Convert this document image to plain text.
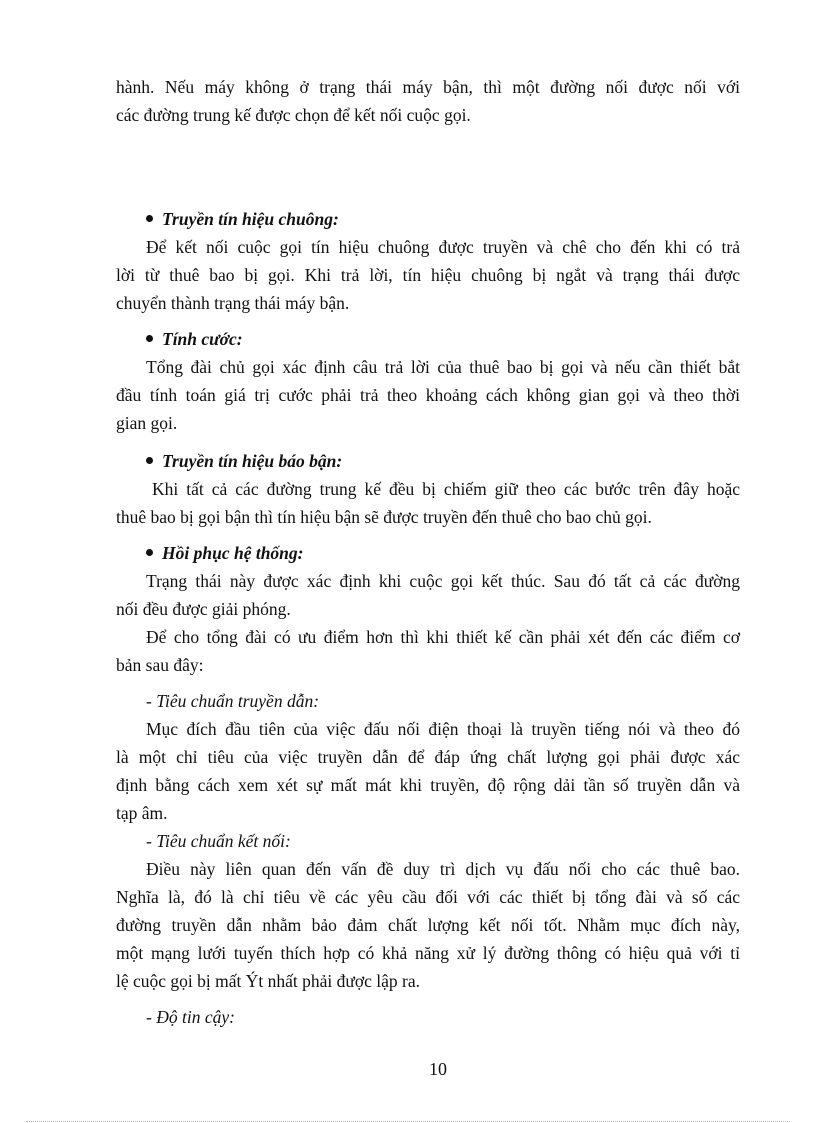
hành. Nếu máy không ở trạng thái máy bận, thì một đường nối được nối với
các đường trung kế được chọn để kết nối cuộc gọi.
Truyền tín hiệu chuông:
Để kết nối cuộc gọi tín hiệu chuông được truyền và chê cho đến khi có trả
lời từ thuê bao bị gọi. Khi trả lời, tín hiệu chuông bị ngắt và trạng thái được
chuyển thành trạng thái máy bận.
Tính cước:
Tổng đài chủ gọi xác định câu trả lời của thuê bao bị gọi và nếu cần thiết bắt
đầu tính toán giá trị cước phải trả theo khoảng cách không gian gọi và theo thời
gian gọi.
Truyền tín hiệu báo bận:
Khi tất cả các đường trung kế đều bị chiếm giữ theo các bước trên đây hoặc
thuê bao bị gọi bận thì tín hiệu bận sẽ được truyền đến thuê cho bao chủ gọi.
Hồi phục hệ thống:
Trạng thái này được xác định khi cuộc gọi kết thúc. Sau đó tất cả các đường
nối đều được giải phóng.
Để cho tổng đài có ưu điểm hơn thì khi thiết kế cần phải xét đến các điểm cơ
bản sau đây:
- Tiêu chuẩn truyền dẫn:
Mục đích đầu tiên của việc đấu nối điện thoại là truyền tiếng nói và theo đó
là một chỉ tiêu của việc truyền dẫn để đáp ứng chất lượng gọi phải được xác
định bằng cách xem xét sự mất mát khi truyền, độ rộng dải tần số truyền dẫn và
tạp âm.
- Tiêu chuẩn kết nối:
Điều này liên quan đến vấn đề duy trì dịch vụ đấu nối cho các thuê bao.
Nghĩa là, đó là chỉ tiêu về các yêu cầu đối với các thiết bị tổng đài và số các
đường truyền dẫn nhằm bảo đảm chất lượng kết nối tốt. Nhằm mục đích này,
một mạng lưới tuyến thích hợp có khả năng xử lý đường thông có hiệu quả với tỉ
lệ cuộc gọi bị mất Ýt nhất phải được lập ra.
- Độ tin cậy:
10
